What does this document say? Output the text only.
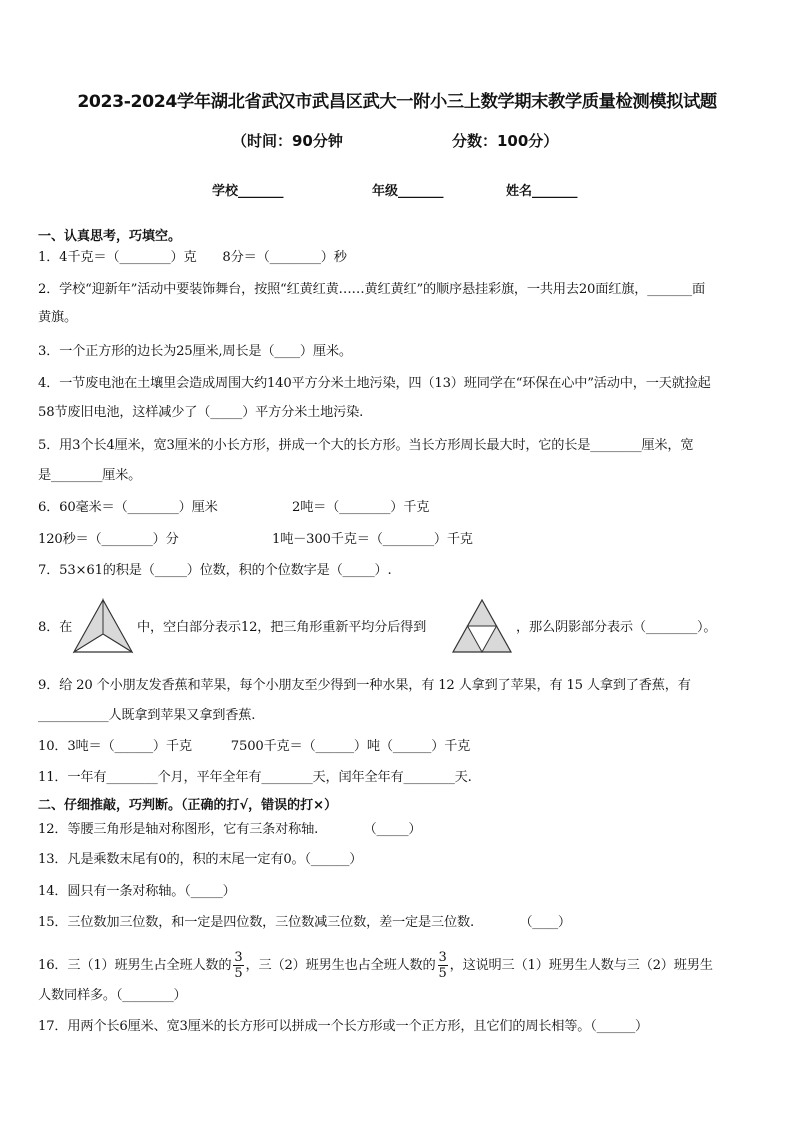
2023-2024学年湖北省武汉市武昌区武大一附小三上数学期末教学质量检测模拟试题
（时间：90分钟	分数：100分）
学校_______	年级_______	姓名_______
一、认真思考，巧填空。
1．4千克＝（________）克　　8分＝（________）秒
2．学校“迎新年”活动中要装饰舞台，按照“红黄红黄……黄红黄红”的顺序悬挂彩旗，一共用去20面红旗，_______面
黄旗。
3．一个正方形的边长为25厘米,周长是（____）厘米。
4．一节废电池在土壤里会造成周围大约140平方分米土地污染，四（13）班同学在“环保在心中”活动中，一天就捡起
58节废旧电池，这样减少了（_____）平方分米土地污染.
5．用3个长4厘米，宽3厘米的小长方形，拼成一个大的长方形。当长方形周长最大时，它的长是________厘米，宽
是________厘米。
6．60毫米＝（________）厘米	2吨＝（________）千克
120秒＝（________）分	1吨－300千克＝（________）千克
7．53×61的积是（_____）位数，积的个位数字是（_____）.
8．在	中，空白部分表示12，把三角形重新平均分后得到	，那么阴影部分表示（________）。
9．给 20 个小朋友发香蕉和苹果，每个小朋友至少得到一种水果，有 12 人拿到了苹果，有 15 人拿到了香蕉，有
___________人既拿到苹果又拿到香蕉.
10．3吨＝（______）千克　　　7500千克＝（______）吨（______）千克
11．一年有________个月，平年全年有________天，闰年全年有________天.
二、仔细推敲，巧判断。（正确的打√，错误的打×）
12．等腰三角形是轴对称图形，它有三条对称轴.　　　　（_____）
13．凡是乘数末尾有0的，积的末尾一定有0。（______）
14．圆只有一条对称轴。（_____）
15．三位数加三位数，和一定是四位数，三位数减三位数，差一定是三位数.　　　　（____）
16．三（1）班男生占全班人数的 $\frac{3}{5}$ ，三（2）班男生也占全班人数的 $\frac{3}{5}$ ，这说明三（1）班男生人数与三（2）班男生
人数同样多。（________）
17．用两个长6厘米、宽3厘米的长方形可以拼成一个长方形或一个正方形，且它们的周长相等。（______）
